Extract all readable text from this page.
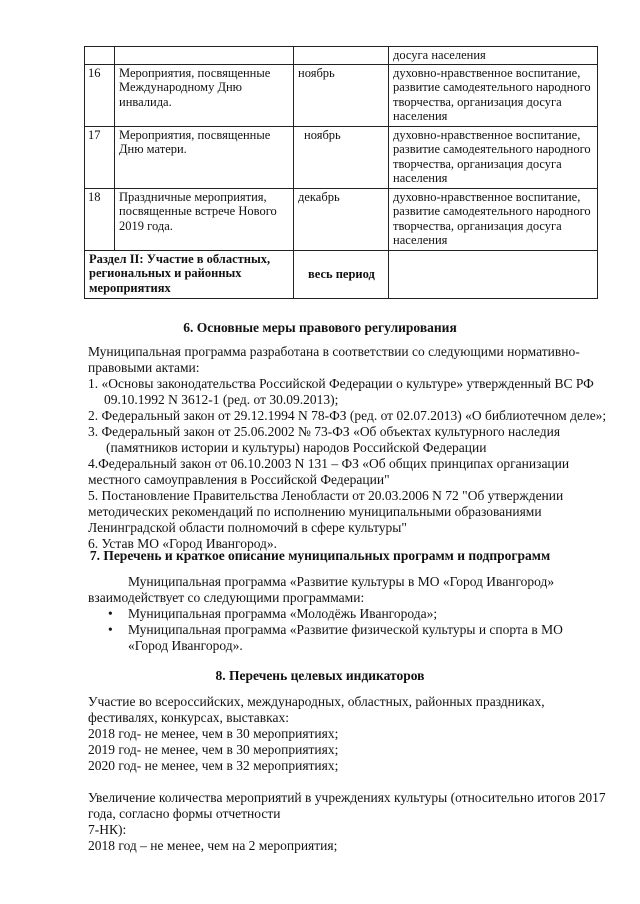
			досуга населения
16	Мероприятия, посвященные Международному Дню инвалида.	ноябрь	духовно-нравственное воспитание, развитие самодеятельного народного творчества, организация досуга населения
17	Мероприятия, посвященные Дню матери.	ноябрь	духовно-нравственное воспитание, развитие самодеятельного народного творчества, организация досуга населения
18	Праздничные мероприятия, посвященные встрече Нового 2019 года.	декабрь	духовно-нравственное воспитание, развитие самодеятельного народного творчества, организация досуга населения
Раздел II: Участие в областных, региональных и районных мероприятиях		весь период	
6. Основные меры правового регулирования
Муниципальная программа разработана в соответствии со следующими нормативно-
правовыми актами:
1. «Основы законодательства Российской Федерации о культуре» утвержденный ВС РФ
09.10.1992 N 3612-1 (ред. от 30.09.2013);
2. Федеральный закон от 29.12.1994 N 78-ФЗ (ред. от 02.07.2013) «О библиотечном деле»;
3. Федеральный закон от 25.06.2002 № 73-ФЗ «Об объектах культурного наследия
(памятников истории и культуры) народов Российской Федерации
4.Федеральный закон от 06.10.2003 N 131 – ФЗ «Об общих принципах организации
местного самоуправления в Российской Федерации"
5. Постановление Правительства Ленобласти от 20.03.2006 N 72 "Об утверждении
методических рекомендаций по исполнению муниципальными образованиями
Ленинградской области полномочий в сфере культуры"
6. Устав МО «Город Ивангород».
7. Перечень и краткое описание муниципальных программ и подпрограмм
Муниципальная программа «Развитие культуры в МО «Город Ивангород»
взаимодействует со следующими программами:
• Муниципальная программа «Молодёжь Ивангорода»;
• Муниципальная программа «Развитие физической культуры и спорта в МО «Город Ивангород».
8. Перечень целевых индикаторов
Участие во всероссийских, международных, областных, районных праздниках,
фестивалях, конкурсах, выставках:
2018 год- не менее, чем в 30 мероприятиях;
2019 год- не менее, чем в 30 мероприятиях;
2020 год- не менее, чем в 32 мероприятиях;
Увеличение количества мероприятий в учреждениях культуры (относительно итогов 2017
года, согласно формы отчетности
7-НК):
2018 год – не менее, чем на 2 мероприятия;
